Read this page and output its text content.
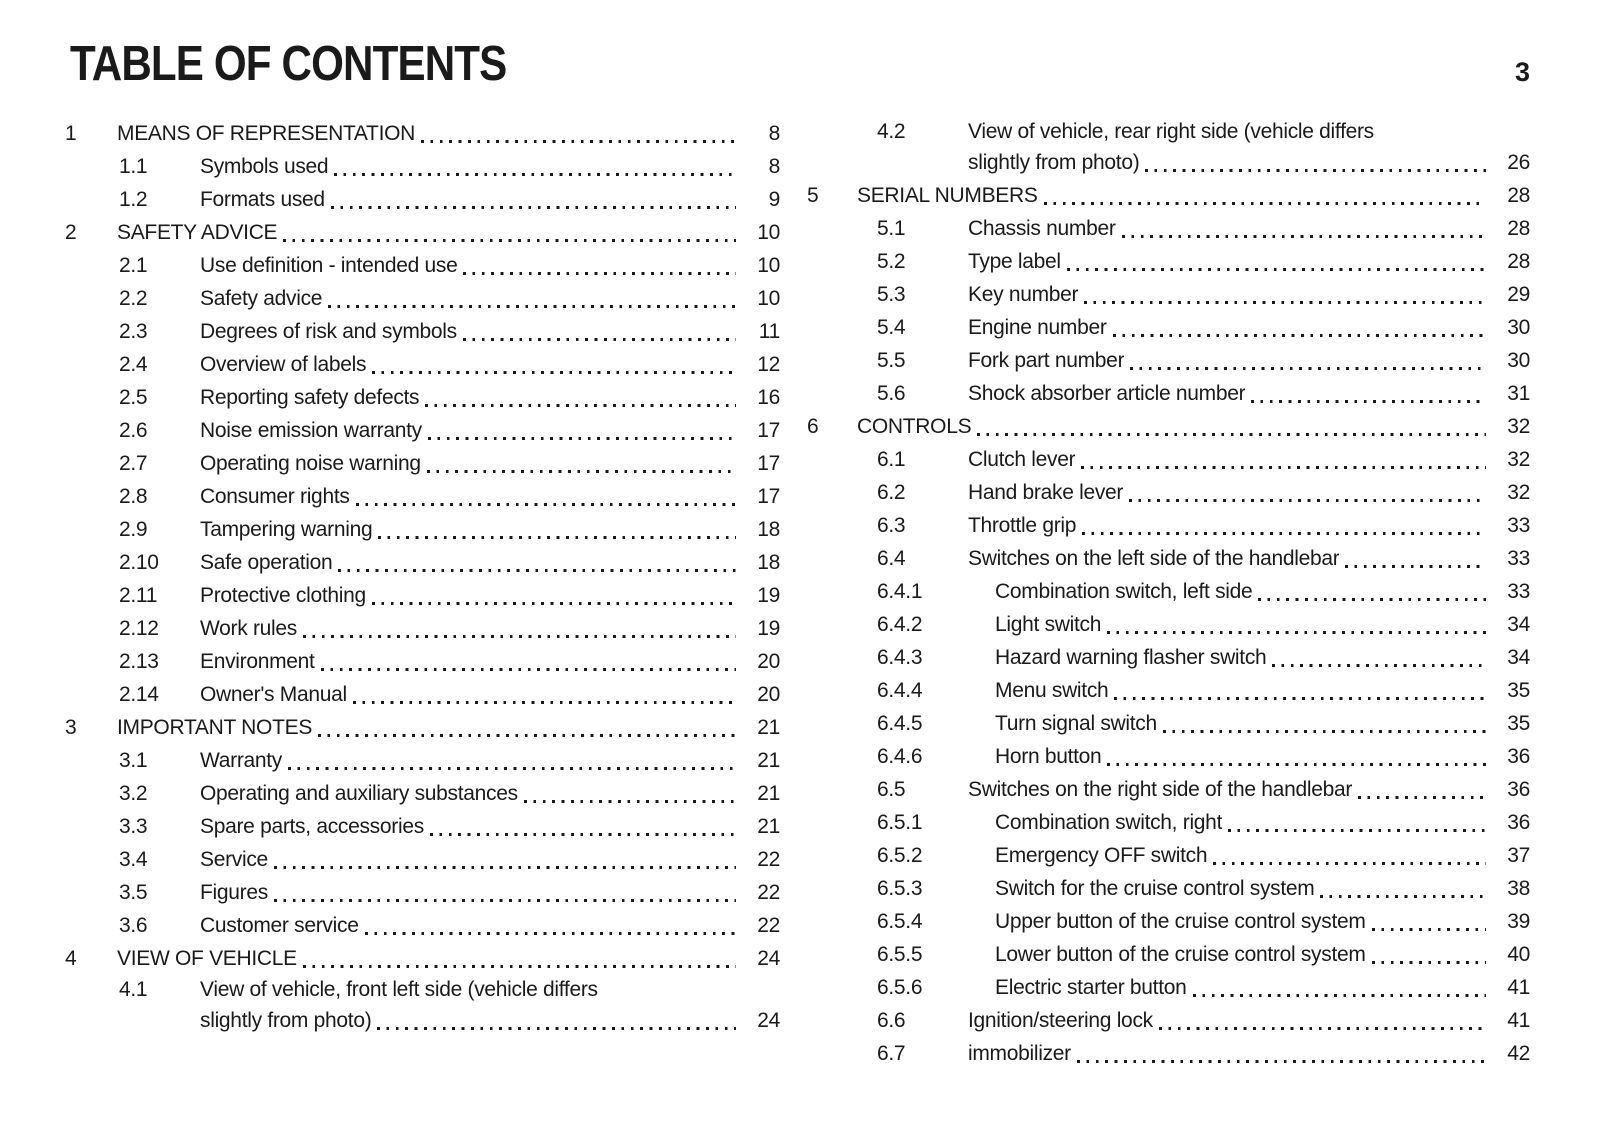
TABLE OF CONTENTS	3
1	MEANS OF REPRESENTATION	8
1.1	Symbols used	8
1.2	Formats used	9
2	SAFETY ADVICE	10
2.1	Use definition - intended use	10
2.2	Safety advice	10
2.3	Degrees of risk and symbols	11
2.4	Overview of labels	12
2.5	Reporting safety defects	16
2.6	Noise emission warranty	17
2.7	Operating noise warning	17
2.8	Consumer rights	17
2.9	Tampering warning	18
2.10	Safe operation	18
2.11	Protective clothing	19
2.12	Work rules	19
2.13	Environment	20
2.14	Owner's Manual	20
3	IMPORTANT NOTES	21
3.1	Warranty	21
3.2	Operating and auxiliary substances	21
3.3	Spare parts, accessories	21
3.4	Service	22
3.5	Figures	22
3.6	Customer service	22
4	VIEW OF VEHICLE	24
4.1	View of vehicle, front left side (vehicle differs
slightly from photo)	24
4.2	View of vehicle, rear right side (vehicle differs
slightly from photo)	26
5	SERIAL NUMBERS	28
5.1	Chassis number	28
5.2	Type label	28
5.3	Key number	29
5.4	Engine number	30
5.5	Fork part number	30
5.6	Shock absorber article number	31
6	CONTROLS	32
6.1	Clutch lever	32
6.2	Hand brake lever	32
6.3	Throttle grip	33
6.4	Switches on the left side of the handlebar	33
6.4.1	Combination switch, left side	33
6.4.2	Light switch	34
6.4.3	Hazard warning flasher switch	34
6.4.4	Menu switch	35
6.4.5	Turn signal switch	35
6.4.6	Horn button	36
6.5	Switches on the right side of the handlebar	36
6.5.1	Combination switch, right	36
6.5.2	Emergency OFF switch	37
6.5.3	Switch for the cruise control system	38
6.5.4	Upper button of the cruise control system	39
6.5.5	Lower button of the cruise control system	40
6.5.6	Electric starter button	41
6.6	Ignition/steering lock	41
6.7	immobilizer	42
